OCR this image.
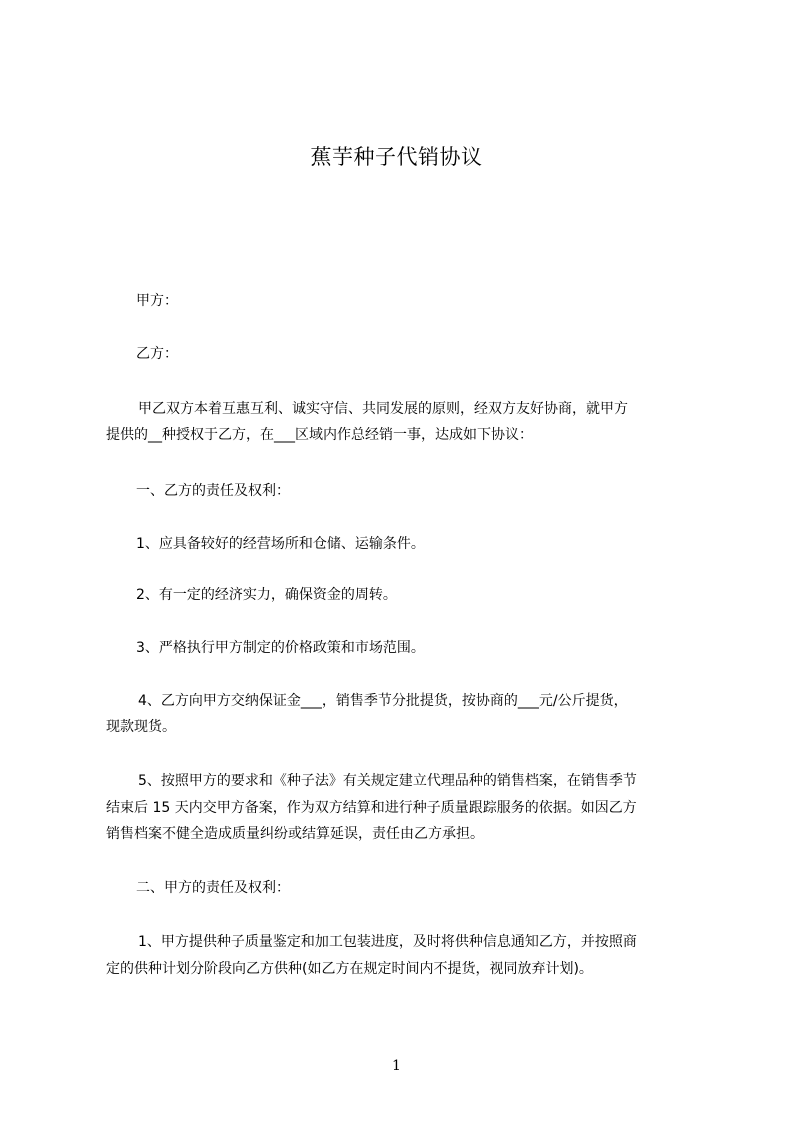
蕉芋种子代销协议
甲方：
乙方：
甲乙双方本着互惠互利、诚实守信、共同发展的原则，经双方友好协商，就甲方
提供的__种授权于乙方，在___区域内作总经销一事，达成如下协议：
一、乙方的责任及权利：
1、应具备较好的经营场所和仓储、运输条件。
2、有一定的经济实力，确保资金的周转。
3、严格执行甲方制定的价格政策和市场范围。
4、乙方向甲方交纳保证金___，销售季节分批提货，按协商的___元/公斤提货，
现款现货。
5、按照甲方的要求和《种子法》有关规定建立代理品种的销售档案，在销售季节
结束后 15 天内交甲方备案，作为双方结算和进行种子质量跟踪服务的依据。如因乙方
销售档案不健全造成质量纠纷或结算延误，责任由乙方承担。
二、甲方的责任及权利：
1、甲方提供种子质量鉴定和加工包装进度，及时将供种信息通知乙方，并按照商
定的供种计划分阶段向乙方供种(如乙方在规定时间内不提货，视同放弃计划)。
1
